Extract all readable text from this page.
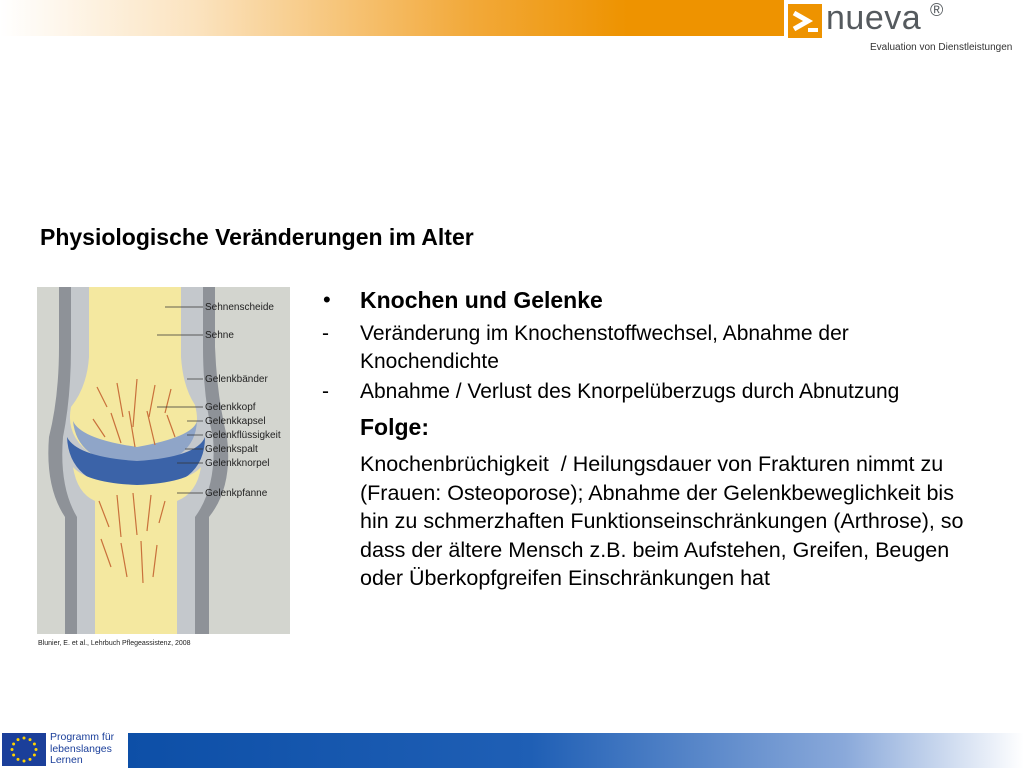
nueva ®
Evaluation von Dienstleistungen
Physiologische Veränderungen im Alter
Sehnenscheide
Sehne
Gelenkbänder
Gelenkkopf
Gelenkkapsel
Gelenkflüssigkeit
Gelenkspalt
Gelenkknorpel
Gelenkpfanne
Blunier, E. et al., Lehrbuch Pflegeassistenz, 2008
• Knochen und Gelenke
- Veränderung im Knochenstoffwechsel, Abnahme der Knochendichte
- Abnahme / Verlust des Knorpelüberzugs durch Abnutzung
Folge:
Knochenbrüchigkeit  / Heilungsdauer von Frakturen nimmt zu (Frauen: Osteoporose); Abnahme der Gelenkbeweglichkeit bis hin zu schmerzhaften Funktionseinschränkungen (Arthrose), so dass der ältere Mensch z.B. beim Aufstehen, Greifen, Beugen oder Überkopfgreifen Einschränkungen hat
Programm für
lebenslanges
Lernen
